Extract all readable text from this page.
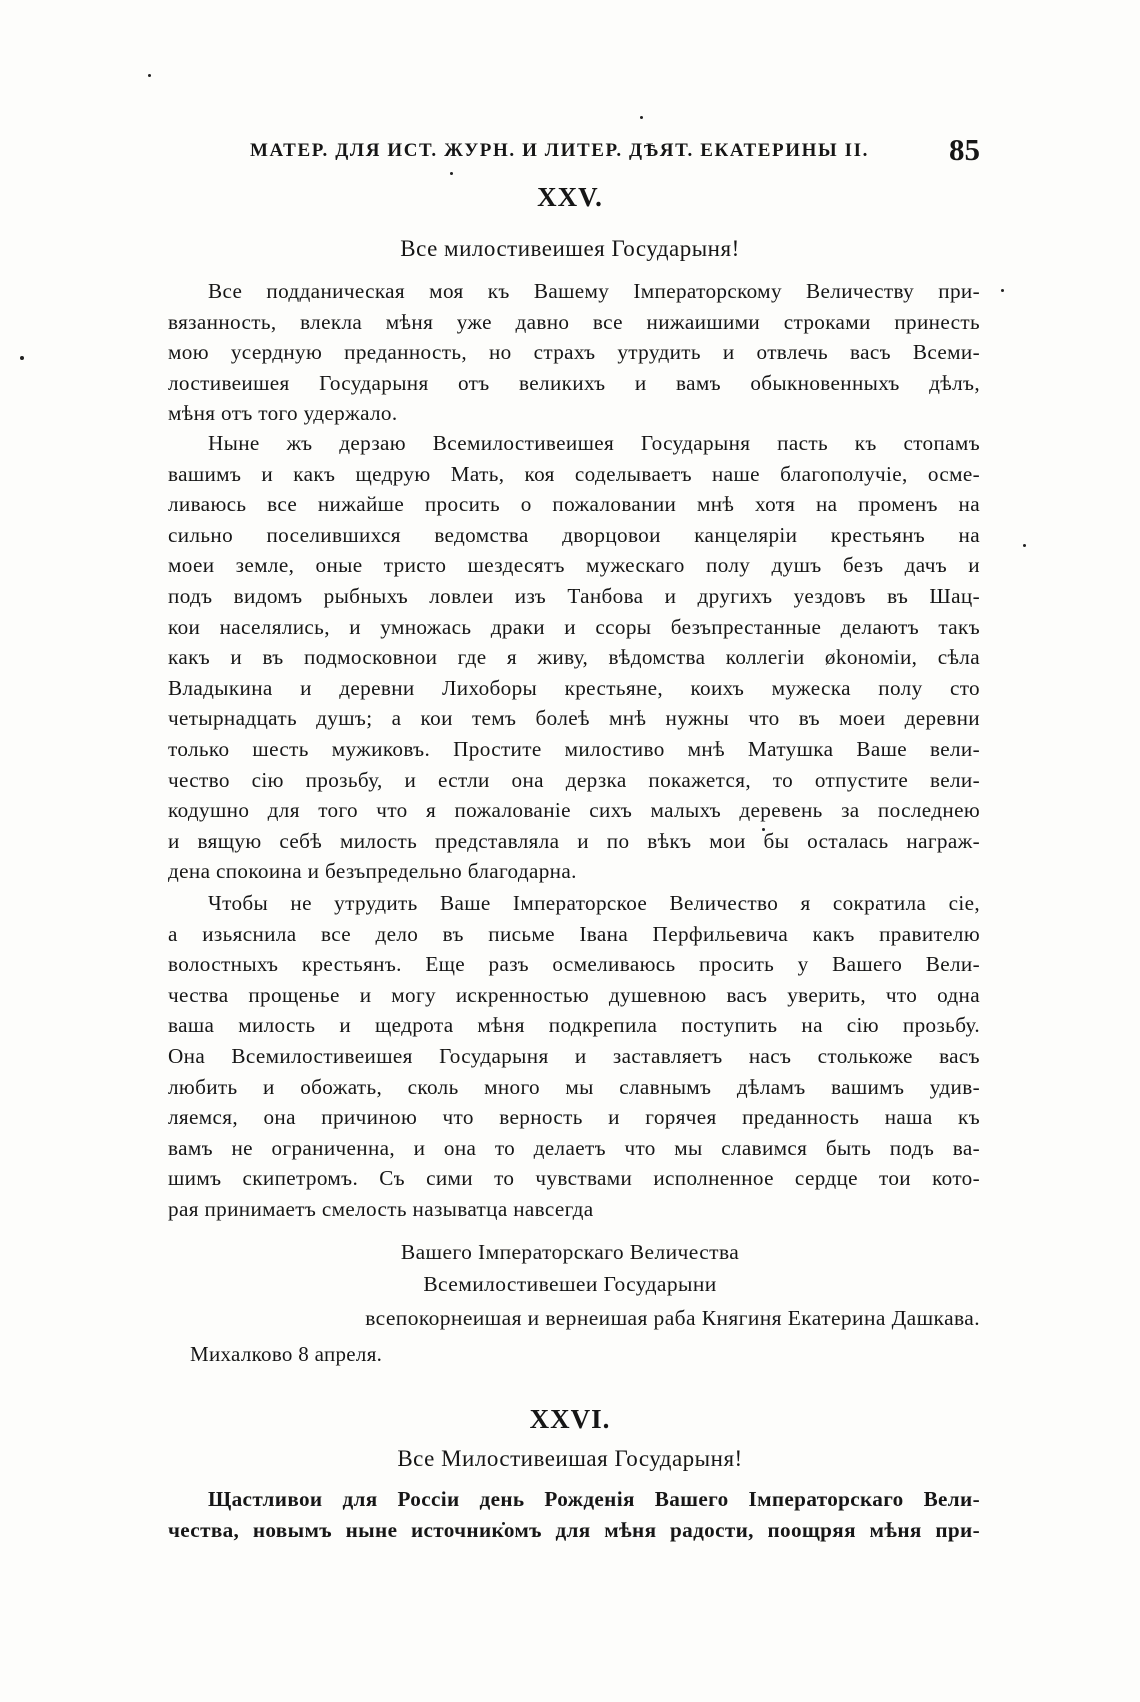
МАТЕР. ДЛЯ ИСТ. ЖУРН. И ЛИТЕР. ДѢЯТ. ЕКАТЕРИНЫ II.	85
XXV.
Все милостивеишея Государыня!
Все подданическая моя къ Вашему Імператорскому Величеству при-
вязанность, влекла мѣня уже давно все нижаишими строками принесть
мою усердную преданность, но страхъ утрудить и отвлечь васъ Всеми-
лостивеишея Государыня отъ великихъ и вамъ обыкновенныхъ дѣлъ,
мѣня отъ того удержало.
Ныне жъ дерзаю Всемилостивеишея Государыня пасть къ стопамъ
вашимъ и какъ щедрую Мать, коя соделываетъ наше благополучіе, осме-
ливаюсь все нижайше просить о пожаловании мнѣ хотя на променъ на
сильно поселившихся ведомства дворцовои канцеляріи крестьянъ на
моеи земле, оные тристо шездесятъ мужескаго полу душъ безъ дачъ и
подъ видомъ рыбныхъ ловлеи изъ Танбова и другихъ уездовъ въ Шац-
кои населялись, и умножась драки и ссоры безъпрестанные делаютъ такъ
какъ и въ подмосковнои где я живу, вѣдомства коллегіи økономіи, сѣла
Владыкина и деревни Лихоборы крестьяне, коихъ мужеска полу сто
четырнадцать душъ; а кои темъ болеѣ мнѣ нужны что въ моеи деревни
только шесть мужиковъ. Простите милостиво мнѣ Матушка Ваше вели-
чество сію прозьбу, и естли она дерзка покажется, то отпустите вели-
кодушно для того что я пожалованіе сихъ малыхъ деревень за последнею
и вящую себѣ милость представляла и по вѣкъ мои бы осталась награж-
дена спокоина и безъпредельно благодарна.
Чтобы не утрудить Ваше Імператорское Величество я сократила сіе,
а изьяснила все дело въ письме Івана Перфильевича какъ правителю
волостныхъ крестьянъ. Еще разъ осмеливаюсь просить у Вашего Вели-
чества прощенье и могу искренностью душевною васъ уверить, что одна
ваша милость и щедрота мѣня подкрепила поступить на сію прозьбу.
Она Всемилостивеишея Государыня и заставляетъ насъ столькоже васъ
любить и обожать, сколь много мы славнымъ дѣламъ вашимъ удив-
ляемся, она причиною что верность и горячея преданность наша къ
вамъ не ограниченна, и она то делаетъ что мы славимся быть подъ ва-
шимъ скипетромъ. Съ сими то чувствами исполненное сердце тои кото-
рая принимаетъ смелость называтца навсегда
Вашего Імператорскаго Величества
Всемилостивешеи Государыни
всепокорнеишая и вернеишая раба Княгиня Екатерина Дашкава.
Михалково 8 апреля.
XXVI.
Все Милостивеишая Государыня!
Щастливои для Россіи день Рожденія Вашего Імператорскаго Вели-
чества, новымъ ныне источникомъ для мѣня радости, поощряя мѣня при-
